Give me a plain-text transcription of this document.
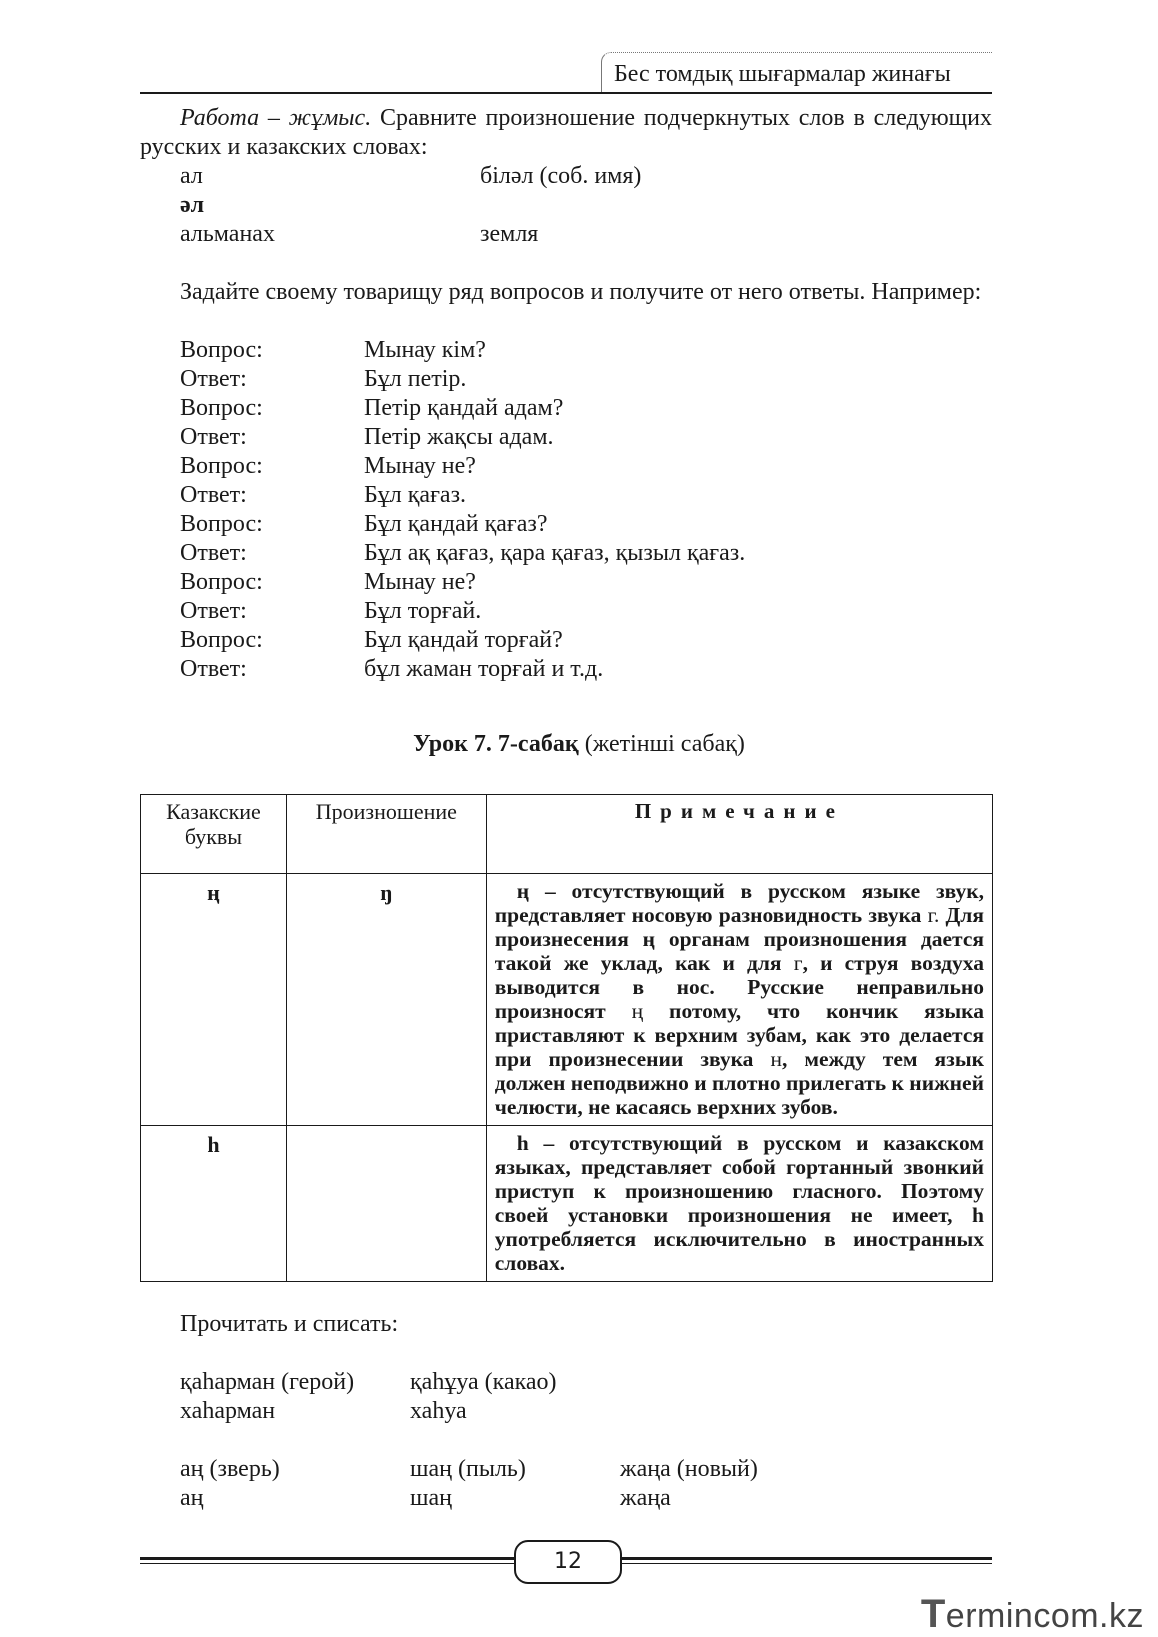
Бес томдық шығармалар жинағы
Работа – жұмыс. Сравните произношение подчеркнутых слов в следующих русских и казакских словах:
ал	біләл (соб. имя)
әл
альманах	земля
Задайте своему товарищу ряд вопросов и получите от него ответы. Например:
Вопрос:	Мынау кім?
Ответ:	Бұл петір.
Вопрос:	Петір қандай адам?
Ответ:	Петір жақсы адам.
Вопрос:	Мынау не?
Ответ:	Бұл қағаз.
Вопрос:	Бұл қандай қағаз?
Ответ:	Бұл ақ қағаз, қара қағаз, қызыл қағаз.
Вопрос:	Мынау не?
Ответ:	Бұл торғай.
Вопрос:	Бұл қандай торғай?
Ответ:	бұл жаман торғай и т.д.
Урок 7. 7-сабақ (жетінші сабақ)
Казакские буквы	Произношение	Примечание
ң	ŋ	ң – отсутствующий в русском языке звук, представляет носовую разновидность звука г. Для произнесения ң органам произношения дается такой же уклад, как и для г, и струя воздуха выводится в нос. Русские неправильно произносят ң потому, что кончик языка приставляют к верхним зубам, как это делается при произнесении звука н, между тем язык должен неподвижно и плотно прилегать к нижней челюсти, не касаясь верхних зубов.
h		h – отсутствующий в русском и казакском языках, представляет собой гортанный звонкий приступ к произношению гласного. Поэтому своей установки произношения не имеет, h употребляется исключительно в иностранных словах.
Прочитать и списать:
қаһарман (герой) қаһұуа (какао)
хаһарман	хаһуа
аң (зверь)	шаң (пыль)	жаңа (новый)
аң	шаң	жаңа
12
Termincom.kz
